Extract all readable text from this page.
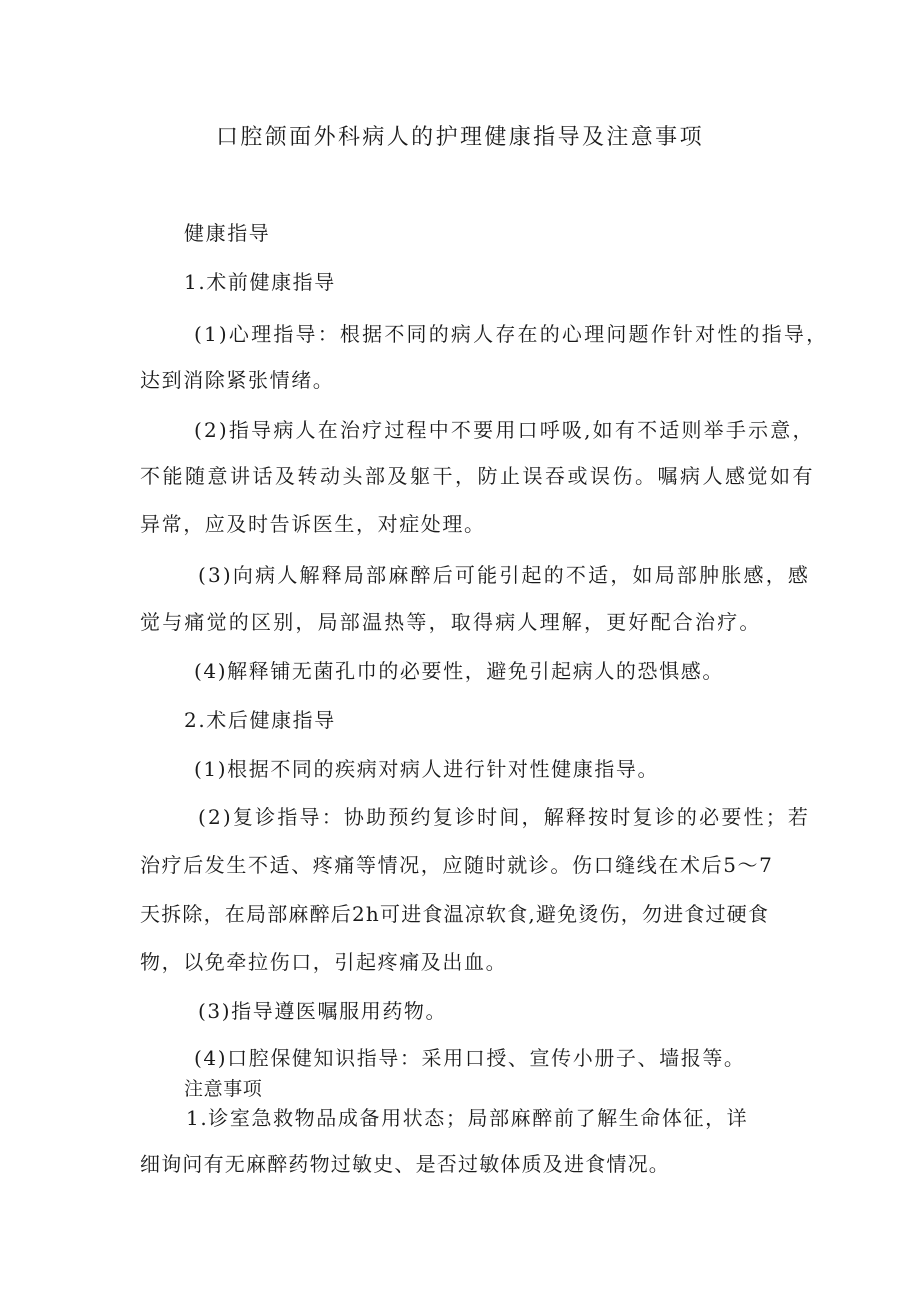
口腔颌面外科病人的护理健康指导及注意事项
健康指导
1.术前健康指导
(1)心理指导：根据不同的病人存在的心理问题作针对性的指导，
达到消除紧张情绪。
(2)指导病人在治疗过程中不要用口呼吸,如有不适则举手示意，
不能随意讲话及转动头部及躯干，防止误吞或误伤。嘱病人感觉如有
异常，应及时告诉医生，对症处理。
(3)向病人解释局部麻醉后可能引起的不适，如局部肿胀感，感
觉与痛觉的区别，局部温热等，取得病人理解，更好配合治疗。
(4)解释铺无菌孔巾的必要性，避免引起病人的恐惧感。
2.术后健康指导
(1)根据不同的疾病对病人进行针对性健康指导。
(2)复诊指导：协助预约复诊时间，解释按时复诊的必要性；若
治疗后发生不适、疼痛等情况，应随时就诊。伤口缝线在术后5～7
天拆除，在局部麻醉后2h可进食温凉软食,避免烫伤，勿进食过硬食
物，以免牵拉伤口，引起疼痛及出血。
(3)指导遵医嘱服用药物。
(4)口腔保健知识指导：采用口授、宣传小册子、墙报等。
注意事项
1.诊室急救物品成备用状态；局部麻醉前了解生命体征，详
细询问有无麻醉药物过敏史、是否过敏体质及进食情况。
